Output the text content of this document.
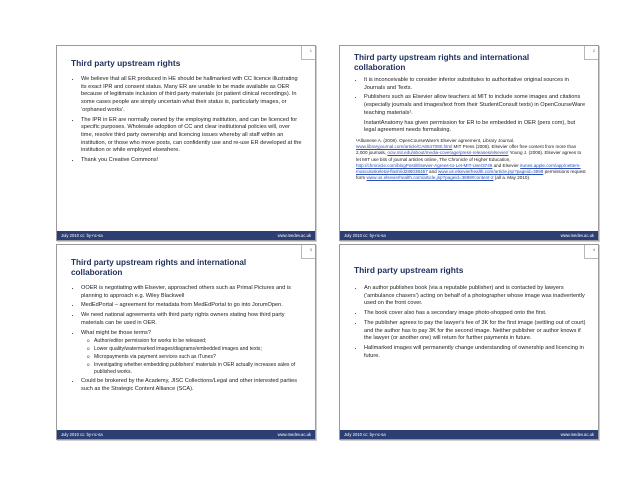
1
Third party upstream rights
• We believe that all ER produced in HE should be hallmarked with CC licence illustrating its exact IPR and consent status. Many ER are unable to be made available as OER because of legitimate inclusion of third party materials (or patient clinical recordings). In some cases people are simply uncertain what their status is, particularly images, or ‘orphaned works’.
• The IPR in ER are normally owned by the employing institution, and can be licenced for specific purposes. Wholesale adoption of CC and clear institutional policies will, over time, resolve third party ownership and licencing issues whereby all staff within an institution, or those who move posts, can confidently use and re-use ER developed at the institution or while employed elsewhere.
• Thank you Creative Commons!
July 2010 cc: by-nc-sa	www.medev.ac.uk
2
Third party upstream rights and international collaboration
• It is inconceivable to consider inferior substitutes to authoritative original sources in Journals and Texts.
• Publishers such as Elsevier allow teachers at MIT to include some images and citations (especially journals and images/text from their StudentConsult texts) in OpenCourseWare teaching materials¹.
InstantAnatomy has given permission for ER to be embedded in OER (pers com), but legal agreement needs formalising.
¹Albanese A. (2008). OpenCourseWare's Elsevier agreement, Library Journal, www.libraryjournal.com/article/CA6547080.html MIT Press (2008). Elsevier offer free content from more than 2,000 journals, ocw.mit.edu/about/media-coverage/press-releases/elsevier/ Young J. (2008). Elsevier agrees to let MIT use bits of journal articles online, The Chronicle of Higher Education, http://chronicle.com/blogPost/Elsevier-Agrees-to-Let-MIT-Use/3749 and Elsevier itunes.apple.com/app/netters-musculoskeletal-flash/id286038457 and www.us.elsevierhealth.com/article.jsp?pageid=3898 permissions request form www.us.elsevierhealth.com/article.jsp?pageid=3898#content-2 (all a. May 2010).
July 2010 cc: by-nc-sa	www.medev.ac.uk
3
Third party upstream rights and international collaboration
• OOER is negotiating with Elsevier, approached others such as Primal Pictures and is planning to approach e.g. Wiley Blackwell
• MedEdPortal – agreement for metadata from MedEdPortal to go into JorumOpen.
• We need national agreements with third party rights owners stating how third party materials can be used in OER.
• What might be those terms?
o Author/editor permission for works to be released;
o Lower quality/watermarked images/diagrams/embedded images and texts;
o Micropayments via payment services such as iTunes?
o Investigating whether embedding publishers' materials in OER actually increases sales of published works.
• Could be brokered by the Academy, JISC Collections/Legal and other interested parties such as the Strategic Content Alliance (SCA).
July 2010 cc: by-nc-sa	www.medev.ac.uk
4
Third party upstream rights
• An author publishes book (via a reputable publisher) and is contacted by lawyers (‘ambulance chasers’) acting on behalf of a photographer whose image was inadvertently used on the front cover.
• The book cover also has a secondary image photo-shopped onto the first.
• The publisher agrees to pay the lawyer's fee of 3K for the first image (settling out of court) and the author has to pay 3K for the second image. Neither publisher or author knows if the lawyer (or another one) will return for further payments in future.
• Hallmarked images will permanently change understanding of ownership and licencing in future.
July 2010 cc: by-nc-sa	www.medev.ac.uk
